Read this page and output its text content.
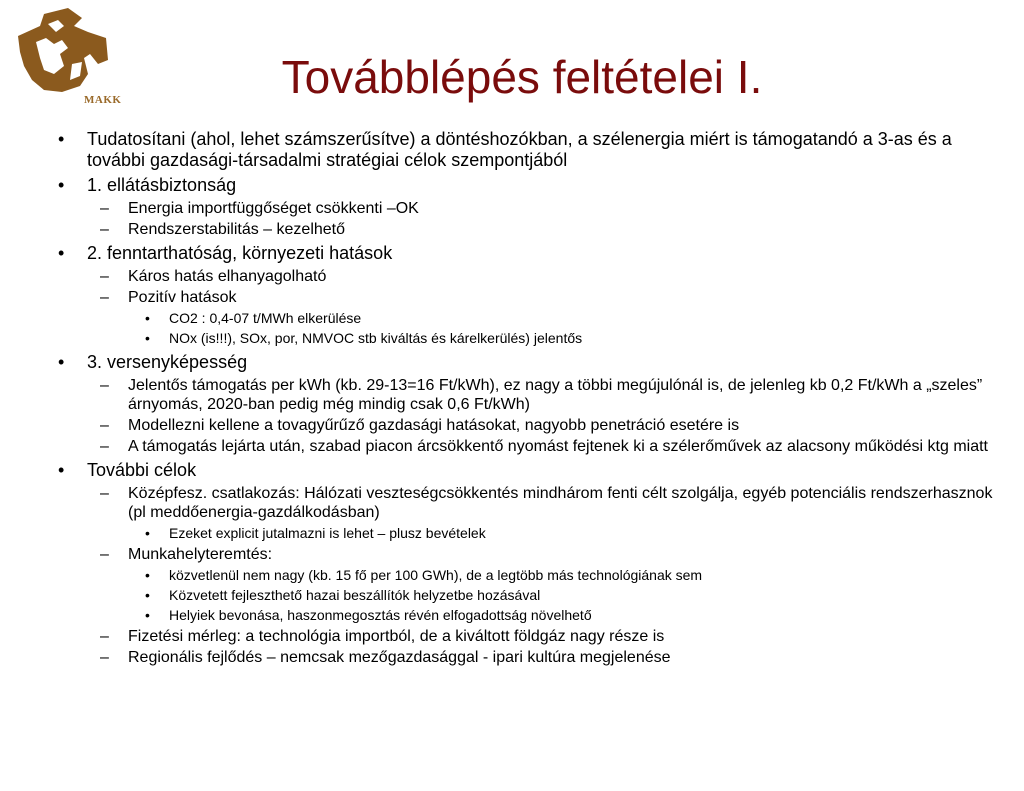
MAKK	Továbblépés feltételei I.
• Tudatosítani (ahol, lehet számszerűsítve) a döntéshozókban, a szélenergia miért is támogatandó a 3-as és a további gazdasági-társadalmi stratégiai célok szempontjából
• 1. ellátásbiztonság
– Energia importfüggőséget csökkenti –OK
– Rendszerstabilitás – kezelhető
• 2. fenntarthatóság, környezeti hatások
– Káros hatás elhanyagolható
– Pozitív hatások
• CO2 : 0,4-07 t/MWh elkerülése
• NOx (is!!!), SOx, por, NMVOC stb kiváltás és kárelkerülés) jelentős
• 3. versenyképesség
– Jelentős támogatás per kWh (kb. 29-13=16 Ft/kWh), ez nagy a többi megújulónál is, de jelenleg kb 0,2 Ft/kWh a „szeles” árnyomás, 2020-ban pedig még mindig csak 0,6 Ft/kWh)
– Modellezni kellene a tovagyűrűző gazdasági hatásokat, nagyobb penetráció esetére is
– A támogatás lejárta után, szabad piacon árcsökkentő nyomást fejtenek ki a szélerőművek az alacsony működési ktg miatt
• További célok
– Középfesz. csatlakozás: Hálózati veszteségcsökkentés mindhárom fenti célt szolgálja, egyéb potenciális rendszerhasznok (pl meddőenergia-gazdálkodásban)
• Ezeket explicit jutalmazni is lehet – plusz bevételek
– Munkahelyteremtés:
• közvetlenül nem nagy (kb. 15 fő per 100 GWh), de a legtöbb más technológiának sem
• Közvetett fejleszthető hazai beszállítók helyzetbe hozásával
• Helyiek bevonása, haszonmegosztás révén elfogadottság növelhető
– Fizetési mérleg: a technológia importból, de a kiváltott földgáz nagy része is
– Regionális fejlődés – nemcsak mezőgazdasággal - ipari kultúra megjelenése
